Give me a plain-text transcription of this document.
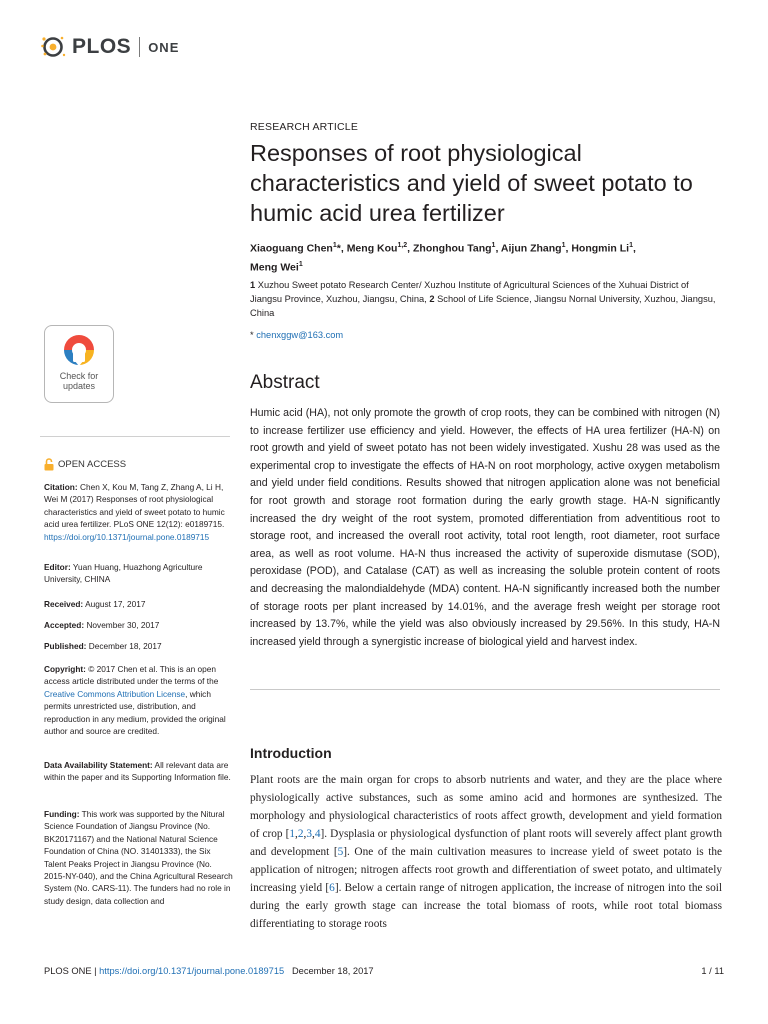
PLOS ONE
RESEARCH ARTICLE
Responses of root physiological characteristics and yield of sweet potato to humic acid urea fertilizer
Xiaoguang Chen$^1$*, Meng Kou$^{1,2}$, Zhonghou Tang$^1$, Aijun Zhang$^1$, Hongmin Li$^1$,
Meng Wei$^1$
1 Xuzhou Sweet potato Research Center/ Xuzhou Institute of Agricultural Sciences of the Xuhuai District of Jiangsu Province, Xuzhou, Jiangsu, China, 2 School of Life Science, Jiangsu Nornal University, Xuzhou, Jiangsu, China
* chenxggw@163.com
Abstract
Humic acid (HA), not only promote the growth of crop roots, they can be combined with nitrogen (N) to increase fertilizer use efficiency and yield. However, the effects of HA urea fertilizer (HA-N) on root growth and yield of sweet potato has not been widely investigated. Xushu 28 was used as the experimental crop to investigate the effects of HA-N on root morphology, active oxygen metabolism and yield under field conditions. Results showed that nitrogen application alone was not beneficial for root growth and storage root formation during the early growth stage. HA-N significantly increased the dry weight of the root system, promoted differentiation from adventitious root to storage root, and increased the overall root activity, total root length, root diameter, root surface area, as well as root volume. HA-N thus increased the activity of superoxide dismutase (SOD), peroxidase (POD), and Catalase (CAT) as well as increasing the soluble protein content of roots and decreasing the malondialdehyde (MDA) content. HA-N significantly increased both the number of storage roots per plant increased by 14.01%, and the average fresh weight per storage root increased by 13.7%, while the yield was also obviously increased by 29.56%. In this study, HA-N increased yield through a synergistic increase of biological yield and harvest index.
Introduction
Plant roots are the main organ for crops to absorb nutrients and water, and they are the place where physiologically active substances, such as some amino acid and hormones are synthesized. The morphology and physiological characteristics of roots affect growth, development and yield formation of crop [1,2,3,4]. Dysplasia or physiological dysfunction of plant roots will severely affect plant growth and development [5]. One of the main cultivation measures to increase yield of sweet potato is the application of nitrogen; nitrogen affects root growth and differentiation of sweet potato, and ultimately increasing yield [6]. Below a certain range of nitrogen application, the increase of nitrogen into the soil during the early growth stage can increase the total biomass of roots, while root total biomass differentiating to storage roots
Check for updates
OPEN ACCESS
Citation: Chen X, Kou M, Tang Z, Zhang A, Li H, Wei M (2017) Responses of root physiological characteristics and yield of sweet potato to humic acid urea fertilizer. PLoS ONE 12(12): e0189715. https://doi.org/10.1371/journal.pone.0189715
Editor: Yuan Huang, Huazhong Agriculture University, CHINA
Received: August 17, 2017
Accepted: November 30, 2017
Published: December 18, 2017
Copyright: © 2017 Chen et al. This is an open access article distributed under the terms of the Creative Commons Attribution License, which permits unrestricted use, distribution, and reproduction in any medium, provided the original author and source are credited.
Data Availability Statement: All relevant data are within the paper and its Supporting Information file.
Funding: This work was supported by the Nitural Science Foundation of Jiangsu Province (No. BK20171167) and the National Natural Science Foundation of China (NO. 31401333), the Six Talent Peaks Project in Jiangsu Province (No. 2015-NY-040), and the China Agricultural Research System (No. CARS-11). The funders had no role in study design, data collection and
PLOS ONE | https://doi.org/10.1371/journal.pone.0189715 December 18, 2017	1 / 11
